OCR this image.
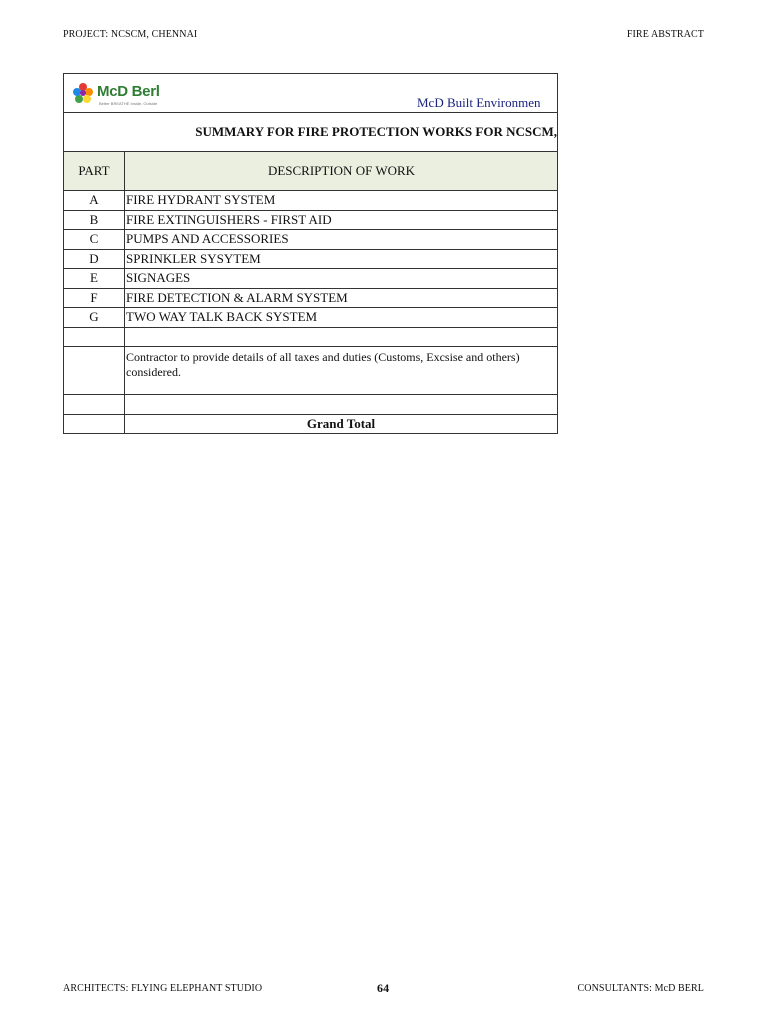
PROJECT: NCSCM, CHENNAI	FIRE ABSTRACT
McD Berl
Better BREATHE Inside, Outside	McD Built Environmen
SUMMARY FOR FIRE PROTECTION WORKS FOR NCSCM,
PART	DESCRIPTION OF WORK
A	FIRE HYDRANT SYSTEM
B	FIRE EXTINGUISHERS - FIRST AID
C	PUMPS AND ACCESSORIES
D	SPRINKLER SYSYTEM
E	SIGNAGES
F	FIRE DETECTION & ALARM SYSTEM
G	TWO WAY TALK BACK SYSTEM

	Contractor to provide details of all taxes and duties (Customs, Excsise and others) considered.

	Grand Total
ARCHITECTS: FLYING ELEPHANT STUDIO	64	CONSULTANTS: McD BERL
